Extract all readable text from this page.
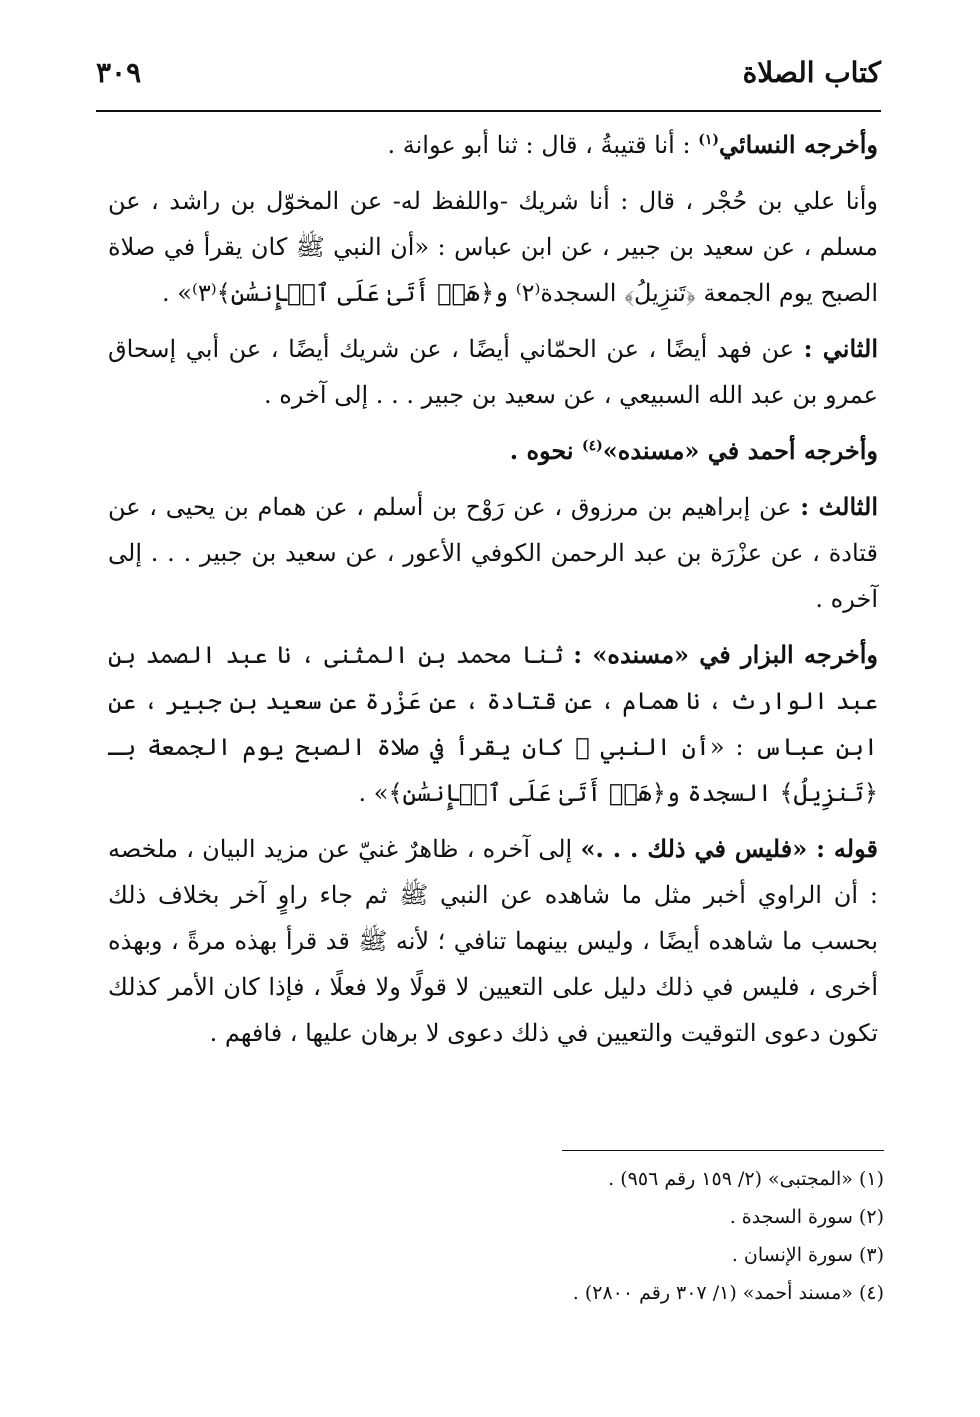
كتاب الصلاة
٣٠٩

وأخرجه النسائي$^{(١)}$ : أنا قتيبةُ ، قال : ثنا أبو عوانة .

وأنا علي بن حُجْر ، قال : أنا شريك -واللفظ له- عن المخوّل بن راشد ، عن مسلم ، عن سعيد بن جبير ، عن ابن عباس : «أن النبي ﷺ كان يقرأ في صلاة الصبح يوم الجمعة ﴿تَنزِيلُ﴾ السجدة⁽٢⁾ و﴿هَلۡ أَتَىٰ عَلَى ٱلۡإِنسَٰنِ﴾⁽٣⁾» .

الثاني : عن فهد أيضًا ، عن الحمّاني أيضًا ، عن شريك أيضًا ، عن أبي إسحاق عمرو بن عبد الله السبيعي ، عن سعيد بن جبير . . . إلى آخره .

وأخرجه أحمد في «مسنده»$^{(٤)}$ نحوه .

الثالث : عن إبراهيم بن مرزوق ، عن رَوْح بن أسلم ، عن همام بن يحيى ، عن قتادة ، عن عزْرَة بن عبد الرحمن الكوفي الأعور ، عن سعيد بن جبير . . . إلى آخره .

وأخرجه البزار في «مسنده» : ثنا محمد بن المثنى ، نا عبد الصمد بن عبد الوارث ، نا همام ، عن قتادة ، عن عَزْرة عن سعيد بن جبير ، عن ابن عباس : «أن النبي ﷺ كان يقرأ في صلاة الصبح يوم الجمعة بـ ﴿تَنزِيلُ﴾ السجدة و﴿هَلۡ أَتَىٰ عَلَى ٱلۡإِنسَٰنِ﴾» .

قوله : «فليس في ذلك . . .» إلى آخره ، ظاهرٌ غنيّ عن مزيد البيان ، ملخصه : أن الراوي أخبر مثل ما شاهده عن النبي ﷺ ثم جاء راوٍ آخر بخلاف ذلك بحسب ما شاهده أيضًا ، وليس بينهما تنافي ؛ لأنه ﷺ قد قرأ بهذه مرةً ، وبهذه أخرى ، فليس في ذلك دليل على التعيين لا قولًا ولا فعلًا ، فإذا كان الأمر كذلك تكون دعوى التوقيت والتعيين في ذلك دعوى لا برهان عليها ، فافهم .

(١) «المجتبى» (٢/ ١٥٩ رقم ٩٥٦) .

(٢) سورة السجدة .

(٣) سورة الإنسان .

(٤) «مسند أحمد» (١/ ٣٠٧ رقم ٢٨٠٠) .
